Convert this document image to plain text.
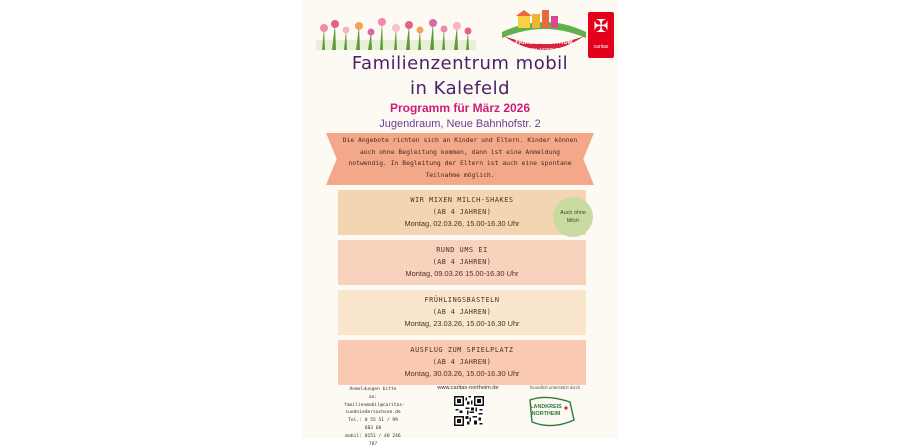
FAMILIENZENTRUM
MOBIL NORTHEIM
✠
caritas
Familienzentrum mobil
in Kalefeld
Programm für März 2026
Jugendraum, Neue Bahnhofstr. 2
Die Angebote richten sich an Kinder und Eltern. Kinder können
auch ohne Begleitung kommen, dann ist eine Anmeldung
notwendig. In Begleitung der Eltern ist auch eine spontane
Teilnahme möglich.
WIR MIXEN MILCH-SHAKES
(AB 4 JAHREN)
Montag, 02.03.26, 15.00-16.30 Uhr
Auch ohne
Milch
RUND UMS EI
(AB 4 JAHREN)
Montag, 09.03.26 15.00-16.30 Uhr
FRÜHLINGSBASTELN
(AB 4 JAHREN)
Montag, 23.03.26, 15.00-16.30 Uhr
AUSFLUG ZUM SPIELPLATZ
(AB 4 JAHREN)
Montag, 30.03.26, 15.00-16.30 Uhr
Anmeldungen bitte an:
familienmobil@caritas-
suedniedersachsen.de
Tel.: 0 55 51 / 99 683 60
mobil: 0151 / 40 246 787
www.caritas-northeim.de	freundlich unterstützt durch
LANDKREIS
NORTHEIM
